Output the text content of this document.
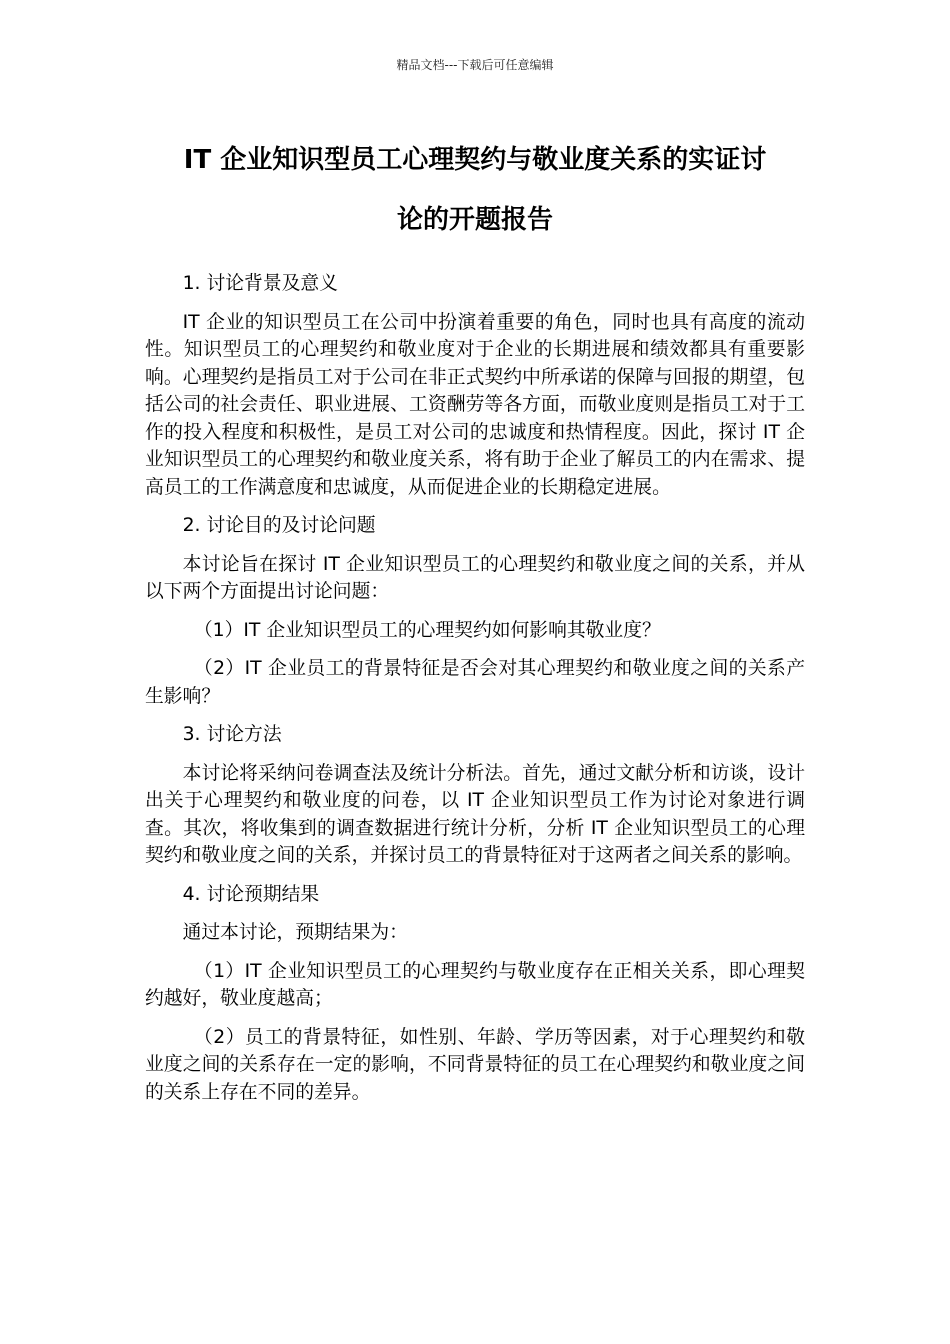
精品文档---下载后可任意编辑
IT 企业知识型员工心理契约与敬业度关系的实证讨
论的开题报告

1. 讨论背景及意义

IT 企业的知识型员工在公司中扮演着重要的角色，同时也具有高度的流动性。知识型员工的心理契约和敬业度对于企业的长期进展和绩效都具有重要影响。心理契约是指员工对于公司在非正式契约中所承诺的保障与回报的期望，包括公司的社会责任、职业进展、工资酬劳等各方面，而敬业度则是指员工对于工作的投入程度和积极性，是员工对公司的忠诚度和热情程度。因此，探讨 IT 企业知识型员工的心理契约和敬业度关系，将有助于企业了解员工的内在需求、提高员工的工作满意度和忠诚度，从而促进企业的长期稳定进展。

2. 讨论目的及讨论问题

本讨论旨在探讨 IT 企业知识型员工的心理契约和敬业度之间的关系，并从以下两个方面提出讨论问题：

（1）IT 企业知识型员工的心理契约如何影响其敬业度？

（2）IT 企业员工的背景特征是否会对其心理契约和敬业度之间的关系产生影响？

3. 讨论方法

本讨论将采纳问卷调查法及统计分析法。首先，通过文献分析和访谈，设计出关于心理契约和敬业度的问卷，以 IT 企业知识型员工作为讨论对象进行调查。其次，将收集到的调查数据进行统计分析，分析 IT 企业知识型员工的心理契约和敬业度之间的关系，并探讨员工的背景特征对于这两者之间关系的影响。

4. 讨论预期结果

通过本讨论，预期结果为：

（1）IT 企业知识型员工的心理契约与敬业度存在正相关关系，即心理契约越好，敬业度越高；

（2）员工的背景特征，如性别、年龄、学历等因素，对于心理契约和敬业度之间的关系存在一定的影响，不同背景特征的员工在心理契约和敬业度之间的关系上存在不同的差异。
